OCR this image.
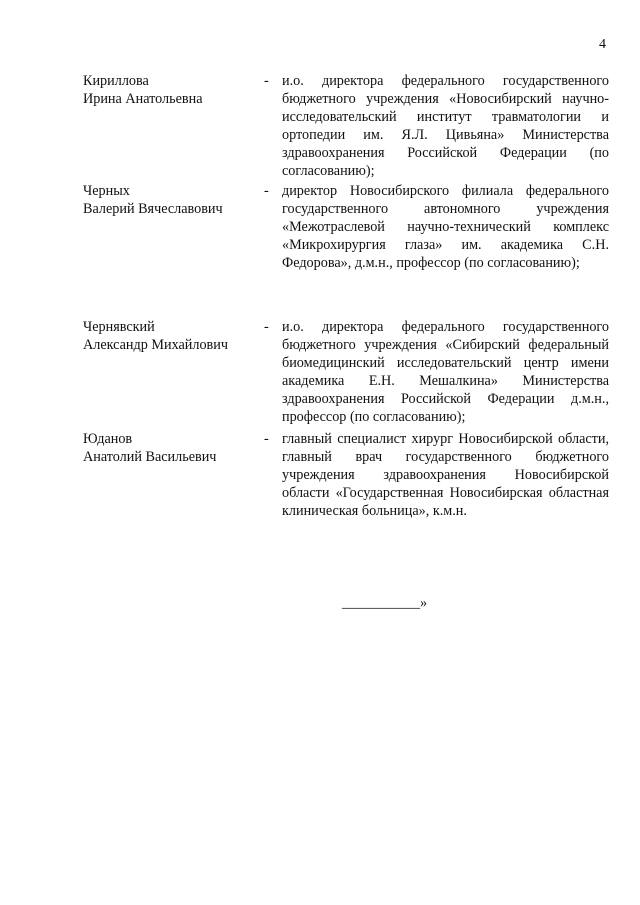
4
Кириллова
Ирина Анатольевна
- и.о. директора федерального государственного бюджетного учреждения «Новосибирский научно-исследовательский институт травматологии и ортопедии им. Я.Л. Цивьяна» Министерства здравоохранения Российской Федерации (по согласованию);
Черных
Валерий Вячеславович
- директор Новосибирского филиала федерального государственного автономного учреждения «Межотраслевой научно-технический комплекс «Микрохирургия глаза» им. академика С.Н. Федорова», д.м.н., профессор (по согласованию);
Чернявский
Александр Михайлович
- и.о. директора федерального государственного бюджетного учреждения «Сибирский федеральный биомедицинский исследовательский центр имени академика Е.Н. Мешалкина» Министерства здравоохранения Российской Федерации д.м.н., профессор (по согласованию);
Юданов
Анатолий Васильевич
- главный специалист хирург Новосибирской области, главный врач государственного бюджетного учреждения здравоохранения Новосибирской области «Государственная Новосибирская областная клиническая больница», к.м.н.
___________»
